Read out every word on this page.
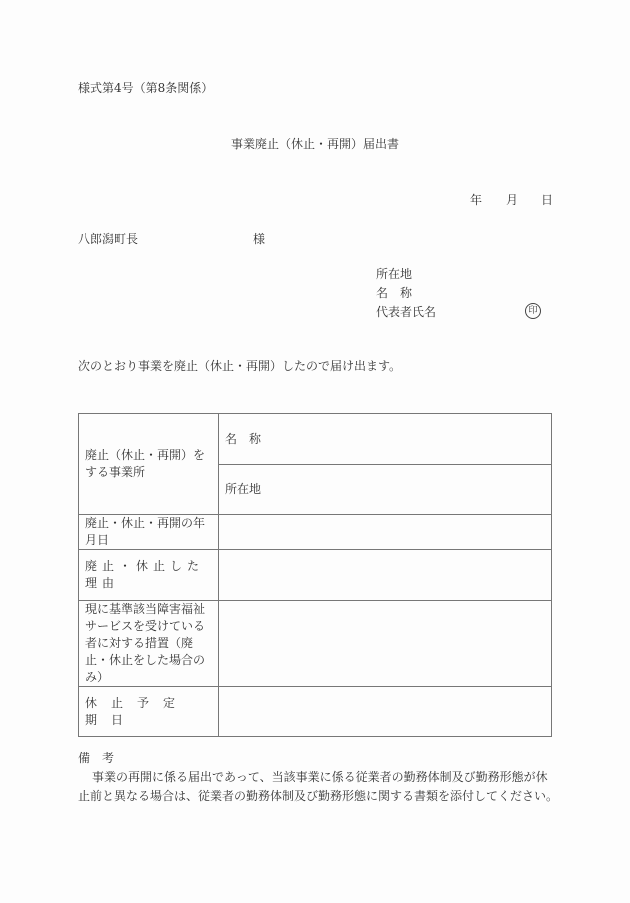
様式第4号（第8条関係）
事業廃止（休止・再開）届出書
年 月 日
八郎潟町長	様
所在地
名　称
代表者氏名	印
次のとおり事業を廃止（休止・再開）したので届け出ます。
廃止（休止・再開）をする事業所	名　称
	所在地
廃止・休止・再開の年月日	
廃止・休止した理由	
現に基準該当障害福祉サービスを受けている者に対する措置（廃止・休止をした場合のみ）	
休止予定期日	
備　考
事業の再開に係る届出であって、当該事業に係る従業者の勤務体制及び勤務形態が休止前と異なる場合は、従業者の勤務体制及び勤務形態に関する書類を添付してください。
